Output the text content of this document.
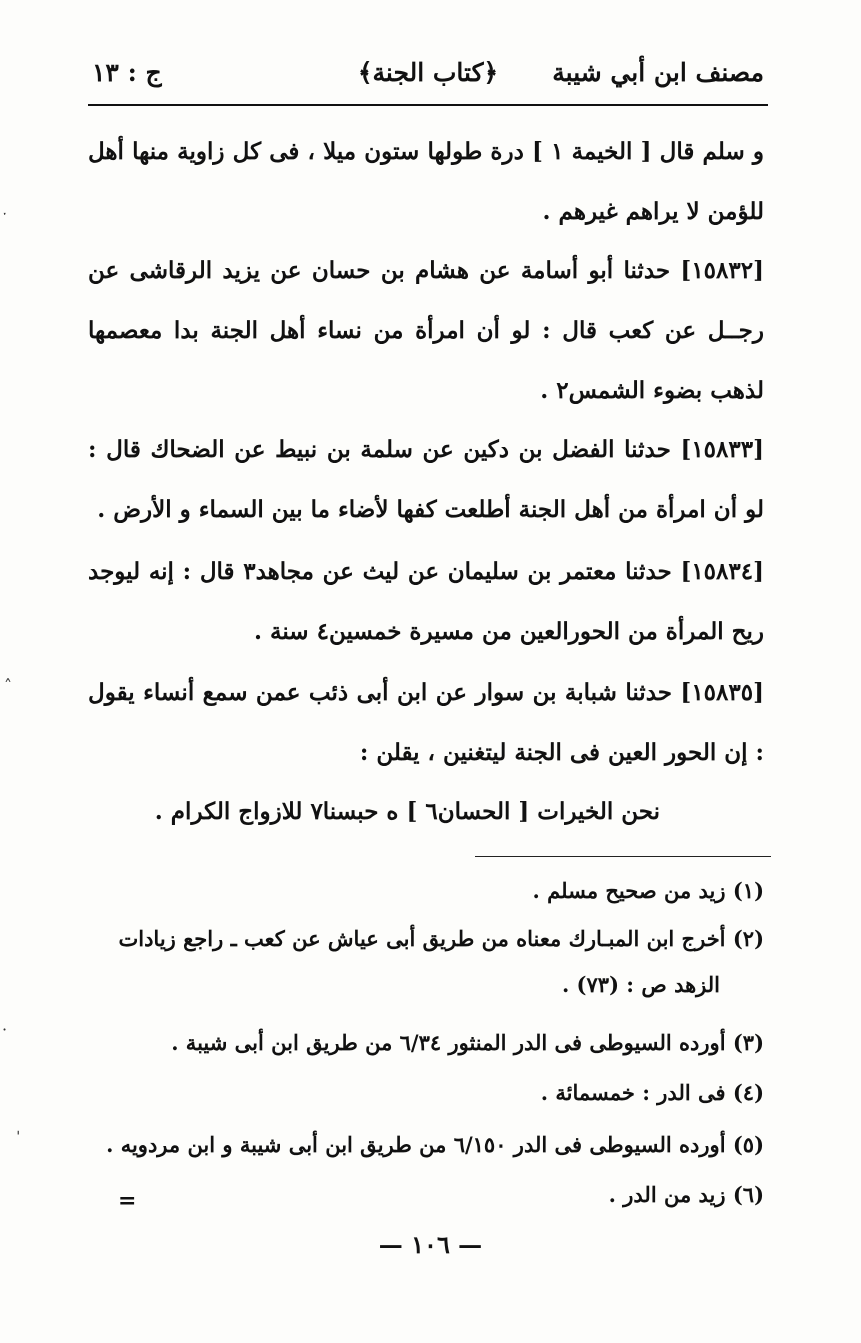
مصنف ابن أبي شيبة
﴿كتاب الجنة﴾
ج : ١٣
و سلم قال [ الخيمة ١ ] درة طولها ستون ميلا ، فى كل زاوية منها أهل للؤمن لا يراهم غيرهم .
[١٥٨٣٢] حدثنا أبو أسامة عن هشام بن حسان عن يزيد الرقاشى عن رجــل عن كعب قال : لو أن امرأة من نساء أهل الجنة بدا معصمها لذهب بضوء الشمس٢ .
[١٥٨٣٣] حدثنا الفضل بن دكين عن سلمة بن نبيط عن الضحاك قال : لو أن امرأة من أهل الجنة أطلعت كفها لأضاء ما بين السماء و الأرض .
[١٥٨٣٤] حدثنا معتمر بن سليمان عن ليث عن مجاهد٣ قال : إنه ليوجد ريح المرأة من الحورالعين من مسيرة خمسين٤ سنة .
[١٥٨٣٥] حدثنا شبابة بن سوار عن ابن أبى ذئب عمن سمع أنساء يقول : إن الحور العين فى الجنة ليتغنين ، يقلن :
نحن الخيرات [ الحسان٦ ] ه حبسنا٧ للازواج الكرام .
(١) زيد من صحيح مسلم .
(٢) أخرج ابن المبـارك معناه من طريق أبى عياش عن كعب ـ راجع زيادات
الزهد ص : (٧٣) .
(٣) أورده السيوطى فى الدر المنثور ٦/٣٤ من طريق ابن أبى شيبة .
(٤) فى الدر : خمسمائة .
(٥) أورده السيوطى فى الدر ٦/١٥٠ من طريق ابن أبى شيبة و ابن مردويه .
(٦) زيد من الدر .
=
— ١٠٦ —
ˑ
˄
·
ˈ
